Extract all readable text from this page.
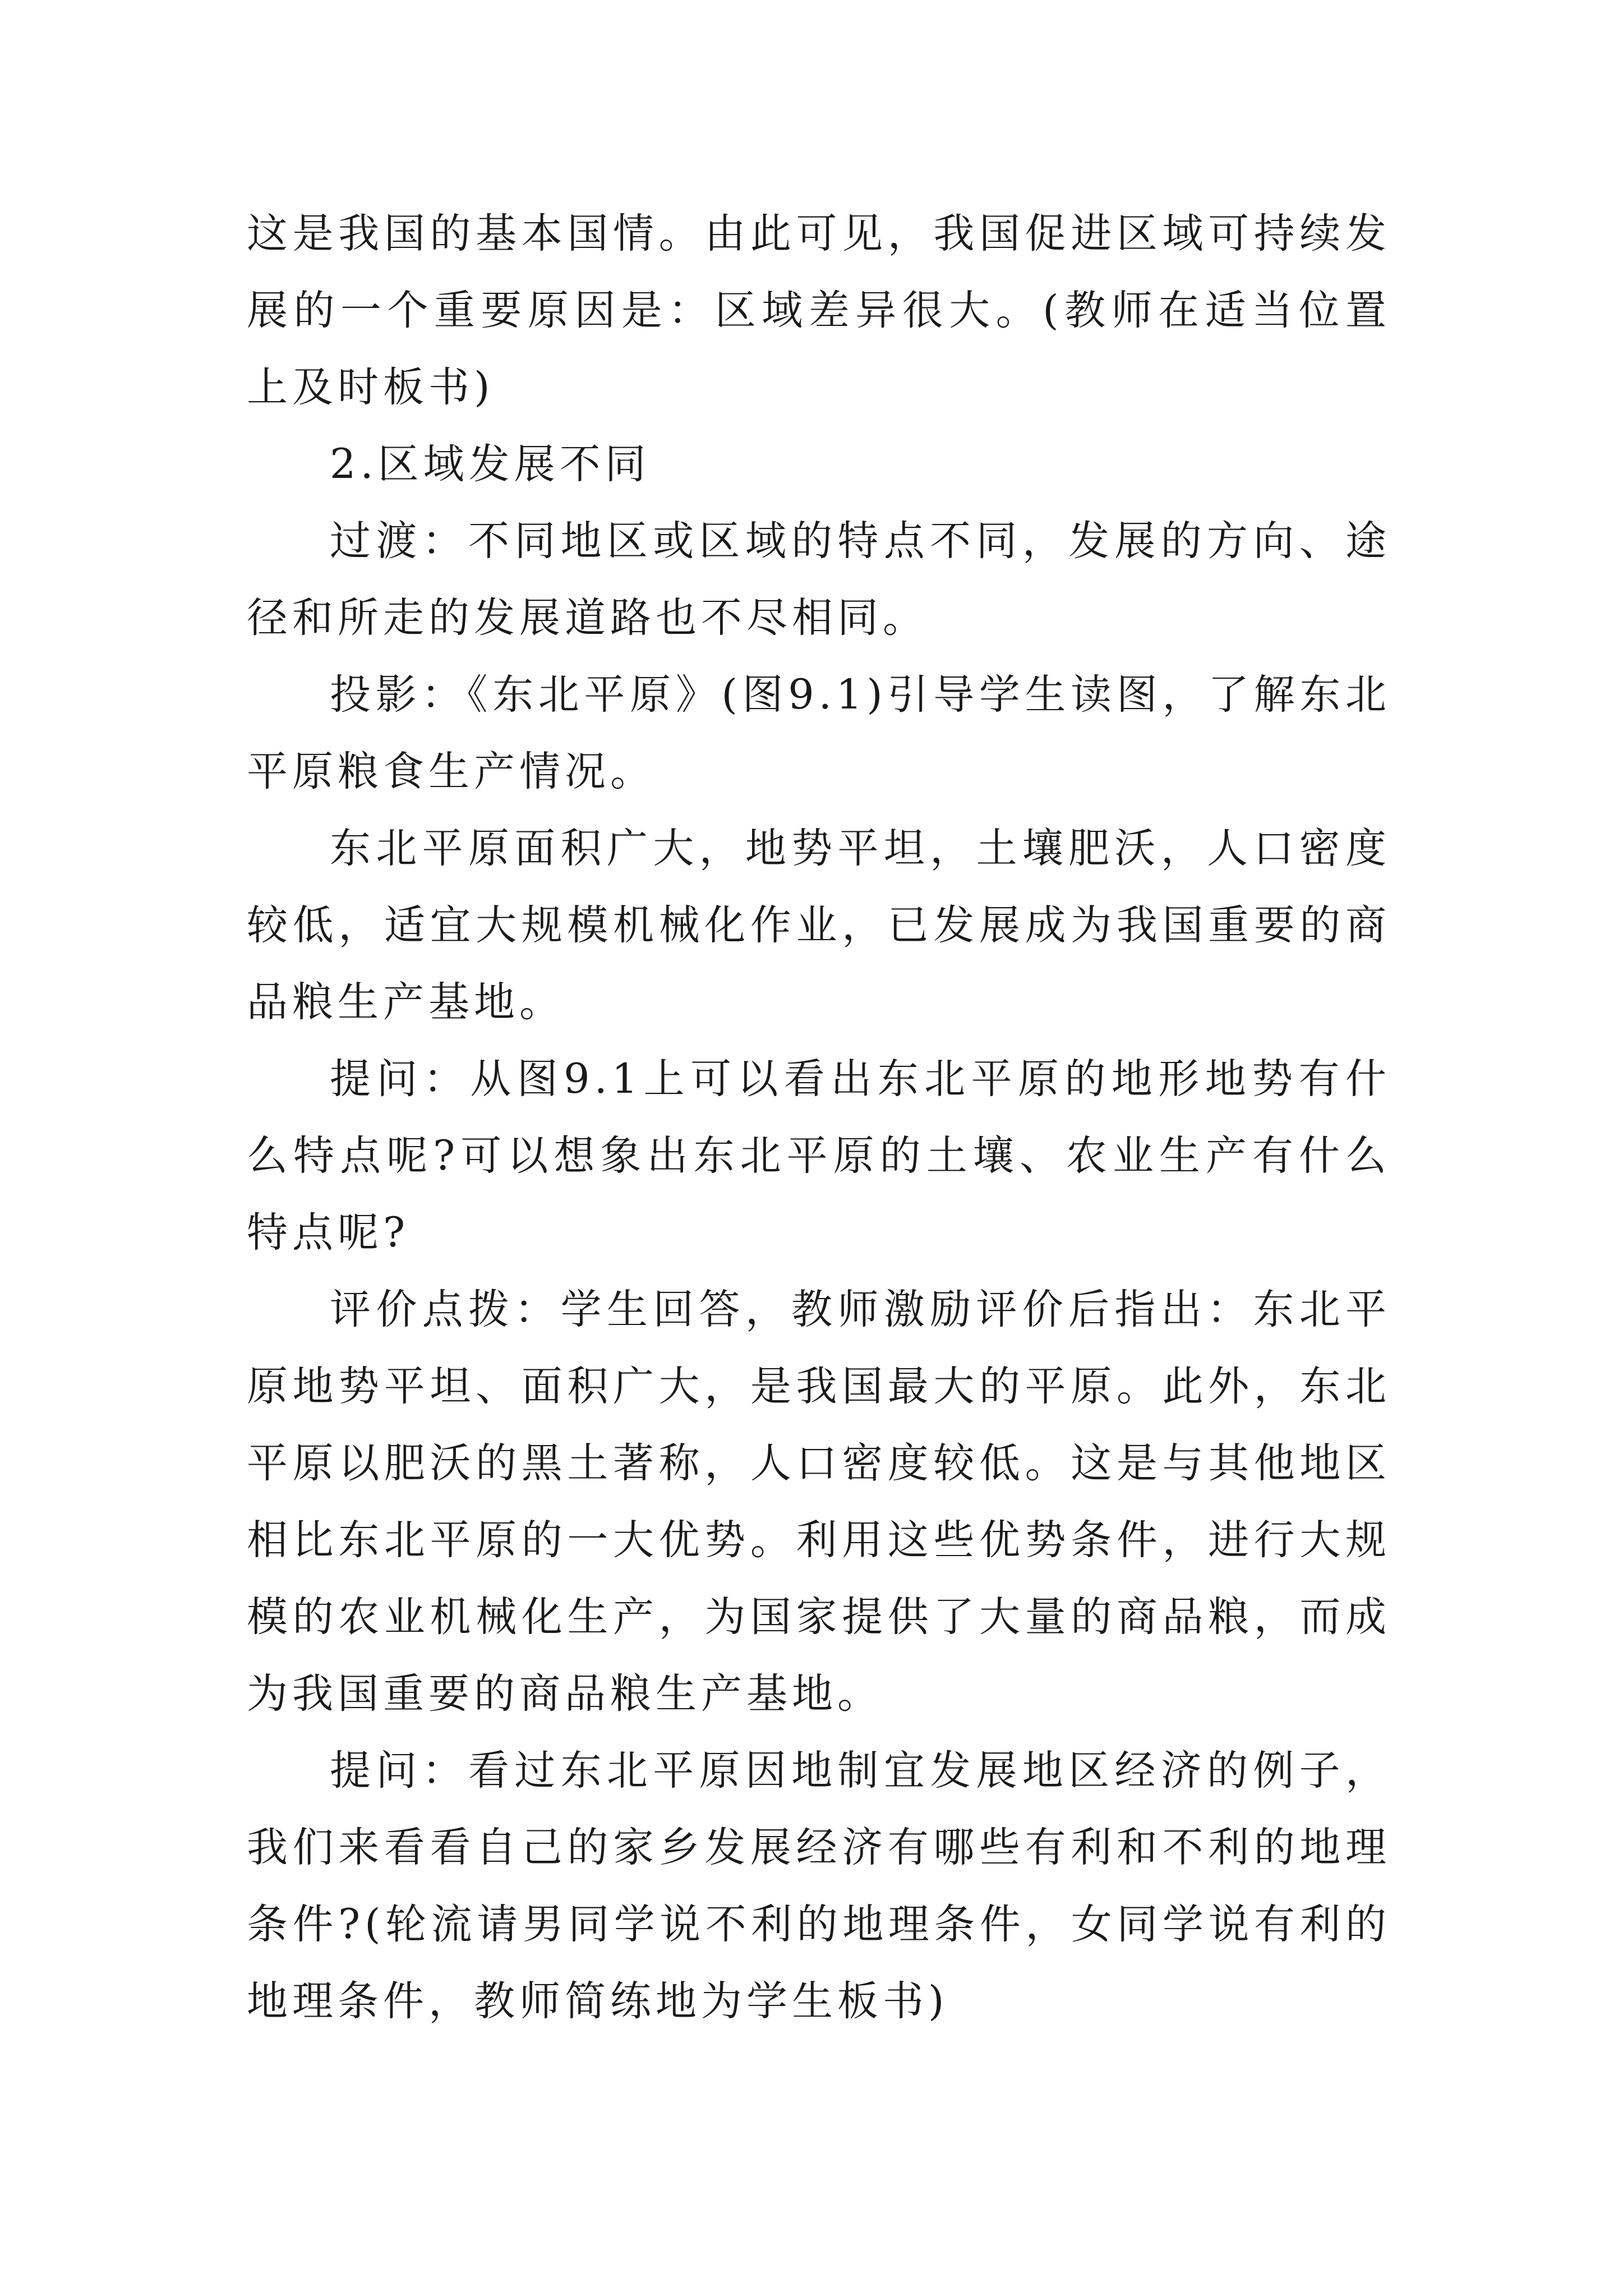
这是我国的基本国情。由此可见，我国促进区域可持续发展的一个重要原因是：区域差异很大。(教师在适当位置上及时板书)

2.区域发展不同

过渡：不同地区或区域的特点不同，发展的方向、途径和所走的发展道路也不尽相同。

投影：《东北平原》(图9.1)引导学生读图，了解东北平原粮食生产情况。

东北平原面积广大，地势平坦，土壤肥沃，人口密度较低，适宜大规模机械化作业，已发展成为我国重要的商品粮生产基地。

提问：从图9.1上可以看出东北平原的地形地势有什么特点呢?可以想象出东北平原的土壤、农业生产有什么特点呢?

评价点拨：学生回答，教师激励评价后指出：东北平原地势平坦、面积广大，是我国最大的平原。此外，东北平原以肥沃的黑土著称，人口密度较低。这是与其他地区相比东北平原的一大优势。利用这些优势条件，进行大规模的农业机械化生产，为国家提供了大量的商品粮，而成为我国重要的商品粮生产基地。

提问：看过东北平原因地制宜发展地区经济的例子，我们来看看自己的家乡发展经济有哪些有利和不利的地理条件?(轮流请男同学说不利的地理条件，女同学说有利的地理条件，教师简练地为学生板书)
